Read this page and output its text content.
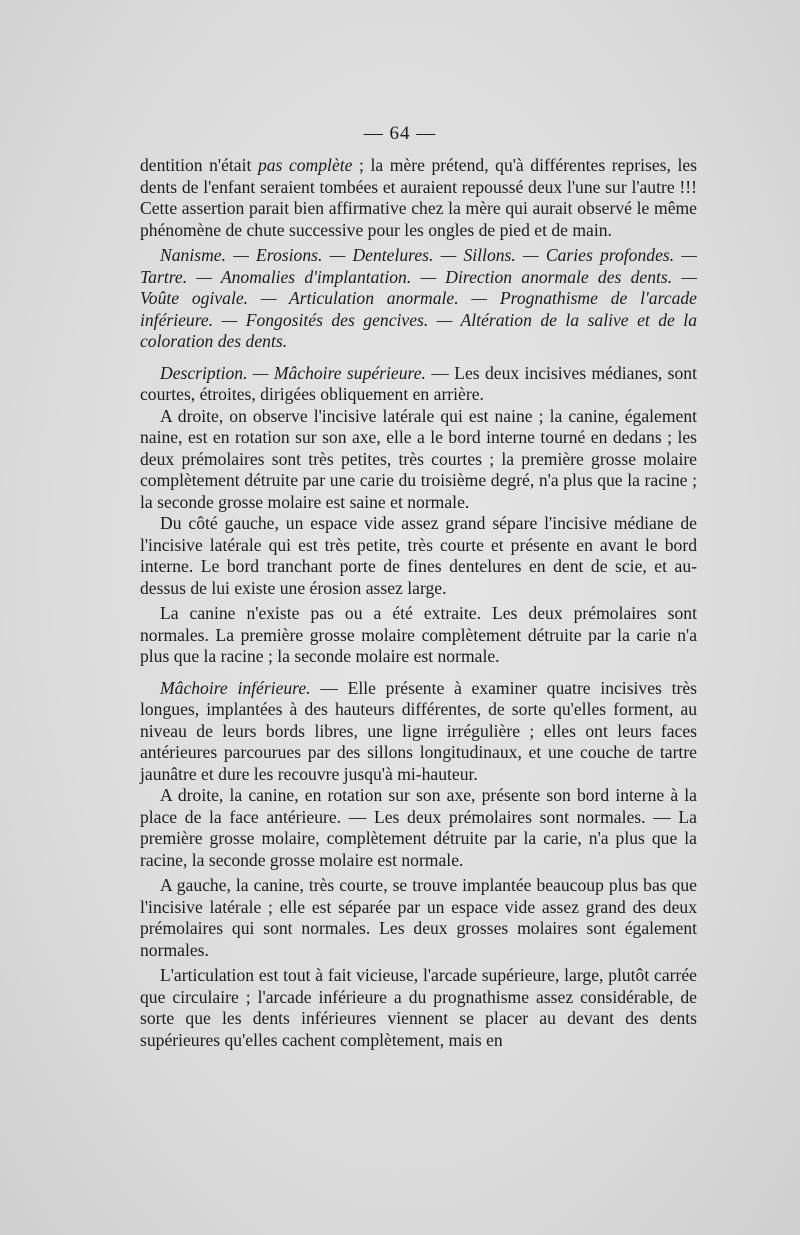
— 64 —

dentition n'était pas complète ; la mère prétend, qu'à différentes reprises, les dents de l'enfant seraient tombées et auraient repoussé deux l'une sur l'autre !!! Cette assertion parait bien affirmative chez la mère qui aurait observé le même phénomène de chute successive pour les ongles de pied et de main.

Nanisme. — Erosions. — Dentelures. — Sillons. — Caries profondes. — Tartre. — Anomalies d'implantation. — Direction anormale des dents. — Voûte ogivale. — Articulation anormale. — Prognathisme de l'arcade inférieure. — Fongosités des gencives. — Altération de la salive et de la coloration des dents.

Description. — Mâchoire supérieure. — Les deux incisives médianes, sont courtes, étroites, dirigées obliquement en arrière.

A droite, on observe l'incisive latérale qui est naine ; la canine, également naine, est en rotation sur son axe, elle a le bord interne tourné en dedans ; les deux prémolaires sont très petites, très courtes ; la première grosse molaire complètement détruite par une carie du troisième degré, n'a plus que la racine ; la seconde grosse molaire est saine et normale.

Du côté gauche, un espace vide assez grand sépare l'incisive médiane de l'incisive latérale qui est très petite, très courte et présente en avant le bord interne. Le bord tranchant porte de fines dentelures en dent de scie, et au-dessus de lui existe une érosion assez large.

La canine n'existe pas ou a été extraite. Les deux prémolaires sont normales. La première grosse molaire complètement détruite par la carie n'a plus que la racine ; la seconde molaire est normale.

Mâchoire inférieure. — Elle présente à examiner quatre incisives très longues, implantées à des hauteurs différentes, de sorte qu'elles forment, au niveau de leurs bords libres, une ligne irrégulière ; elles ont leurs faces antérieures parcourues par des sillons longitudinaux, et une couche de tartre jaunâtre et dure les recouvre jusqu'à mi-hauteur.

A droite, la canine, en rotation sur son axe, présente son bord interne à la place de la face antérieure. — Les deux prémolaires sont normales. — La première grosse molaire, complètement détruite par la carie, n'a plus que la racine, la seconde grosse molaire est normale.

A gauche, la canine, très courte, se trouve implantée beaucoup plus bas que l'incisive latérale ; elle est séparée par un espace vide assez grand des deux prémolaires qui sont normales. Les deux grosses molaires sont également normales.

L'articulation est tout à fait vicieuse, l'arcade supérieure, large, plutôt carrée que circulaire ; l'arcade inférieure a du prognathisme assez considérable, de sorte que les dents inférieures viennent se placer au devant des dents supérieures qu'elles cachent complètement, mais en
